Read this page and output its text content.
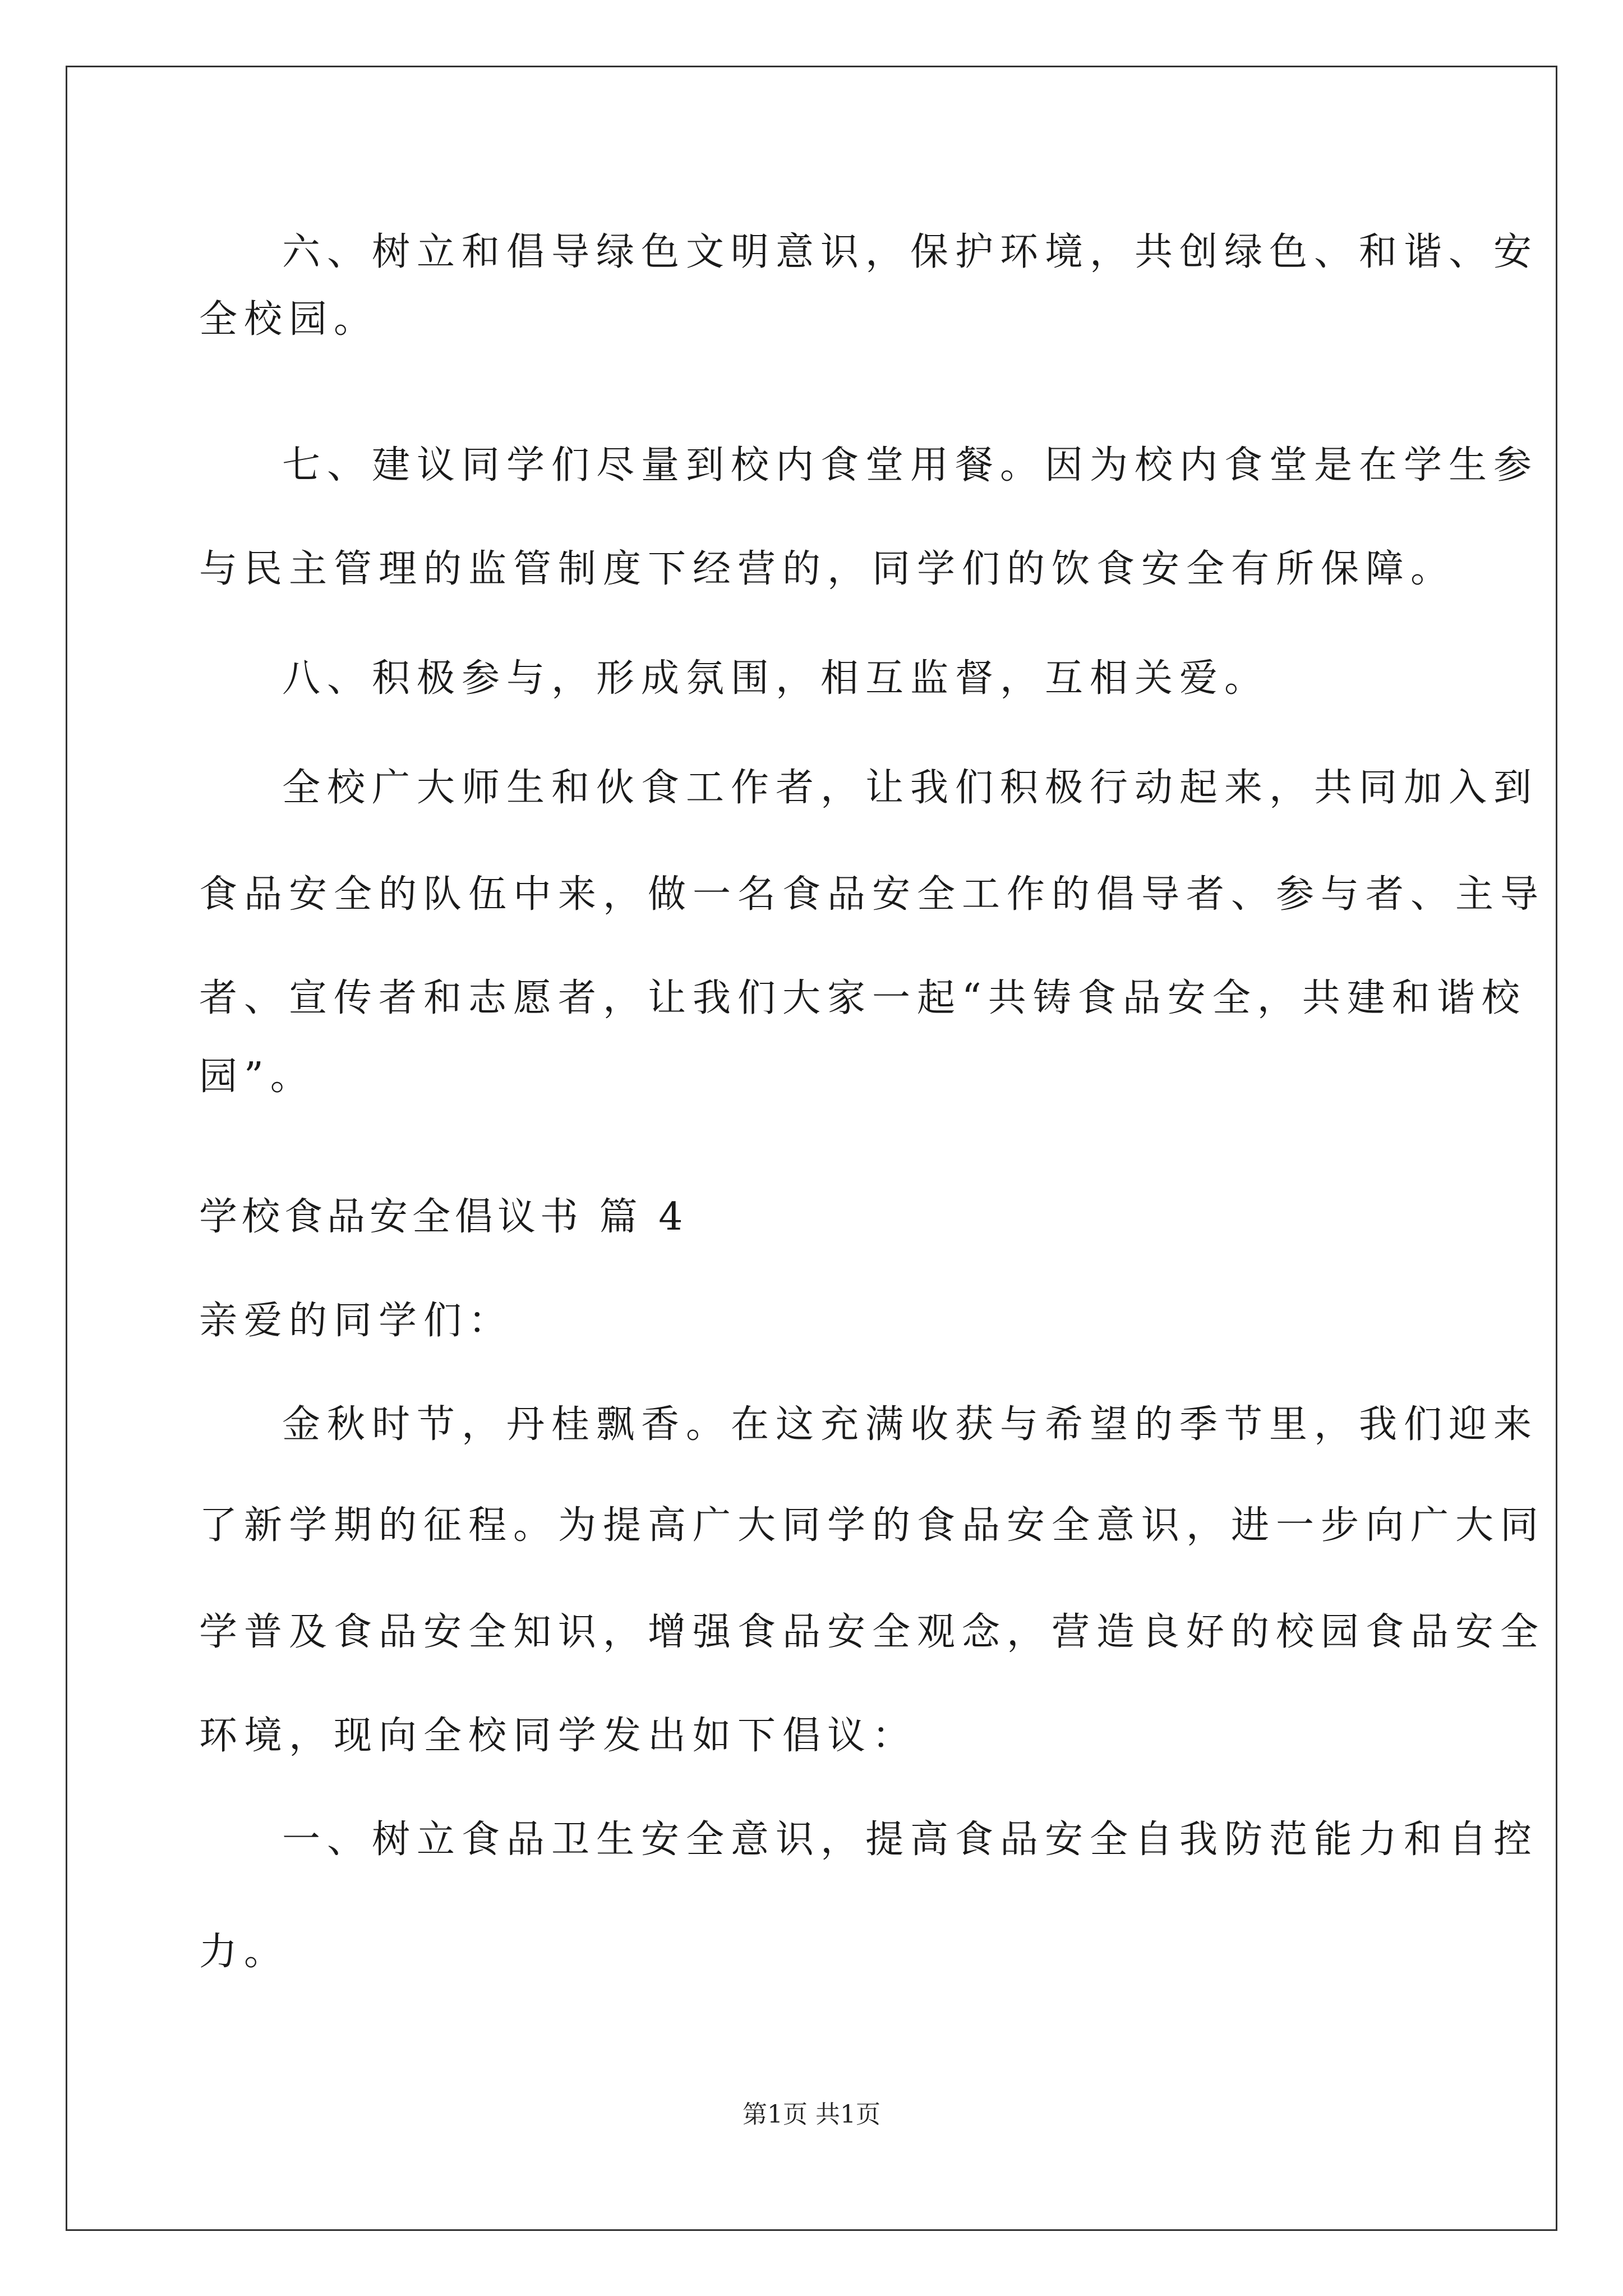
六、树立和倡导绿色文明意识，保护环境，共创绿色、和谐、安
全校园。
七、建议同学们尽量到校内食堂用餐。因为校内食堂是在学生参
与民主管理的监管制度下经营的，同学们的饮食安全有所保障。
八、积极参与，形成氛围，相互监督，互相关爱。
全校广大师生和伙食工作者，让我们积极行动起来，共同加入到
食品安全的队伍中来，做一名食品安全工作的倡导者、参与者、主导
者、宣传者和志愿者，让我们大家一起“共铸食品安全，共建和谐校
园”。
学校食品安全倡议书 篇 4
亲爱的同学们：
金秋时节，丹桂飘香。在这充满收获与希望的季节里，我们迎来
了新学期的征程。为提高广大同学的食品安全意识，进一步向广大同
学普及食品安全知识，增强食品安全观念，营造良好的校园食品安全
环境，现向全校同学发出如下倡议：
一、树立食品卫生安全意识，提高食品安全自我防范能力和自控
力。
第1页 共1页
